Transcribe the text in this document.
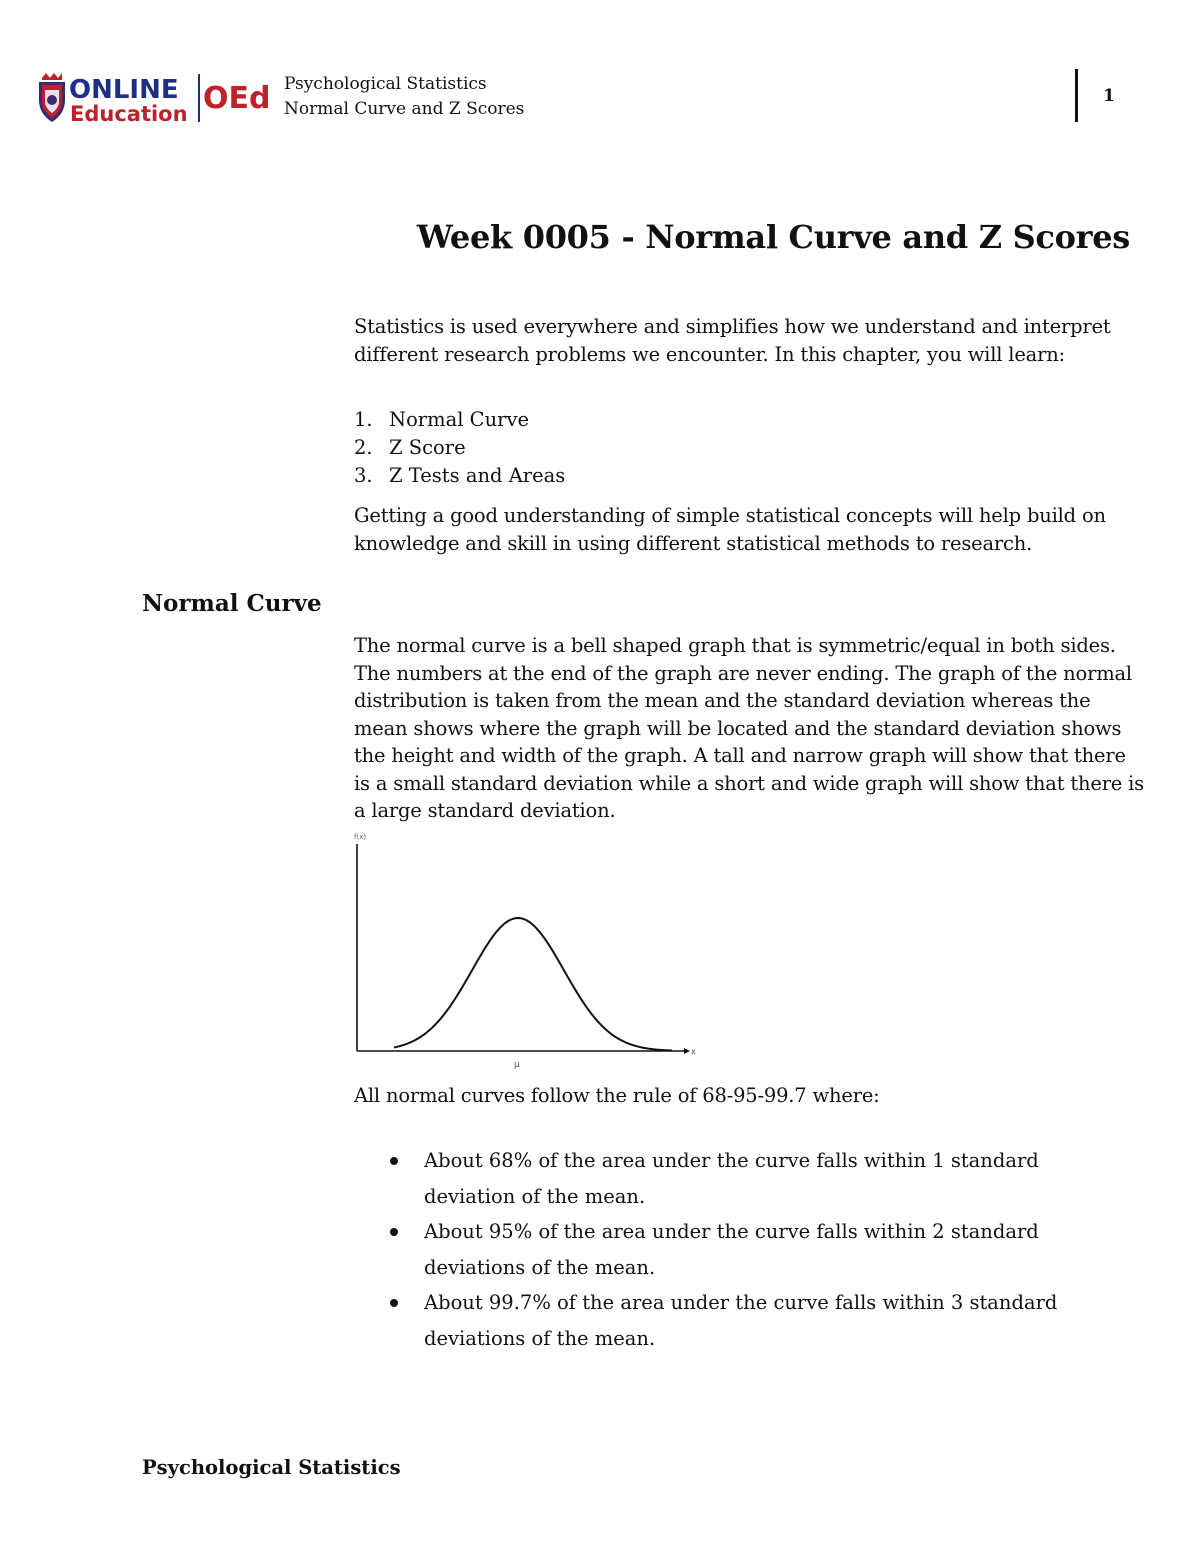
ONLINE
Education OEd Psychological Statistics
Normal Curve and Z Scores
1
Week 0005 - Normal Curve and Z Scores
Statistics is used everywhere and simplifies how we understand and interpret different research problems we encounter. In this chapter, you will learn:
1. Normal Curve
2. Z Score
3. Z Tests and Areas
Getting a good understanding of simple statistical concepts will help build on knowledge and skill in using different statistical methods to research.
Normal Curve
The normal curve is a bell shaped graph that is symmetric/equal in both sides. The numbers at the end of the graph are never ending. The graph of the normal distribution is taken from the mean and the standard deviation whereas the mean shows where the graph will be located and the standard deviation shows the height and width of the graph. A tall and narrow graph will show that there is a small standard deviation while a short and wide graph will show that there is a large standard deviation.
f(x)
x
μ
All normal curves follow the rule of 68-95-99.7 where:
About 68% of the area under the curve falls within 1 standard deviation of the mean.
About 95% of the area under the curve falls within 2 standard deviations of the mean.
About 99.7% of the area under the curve falls within 3 standard deviations of the mean.
Psychological Statistics
